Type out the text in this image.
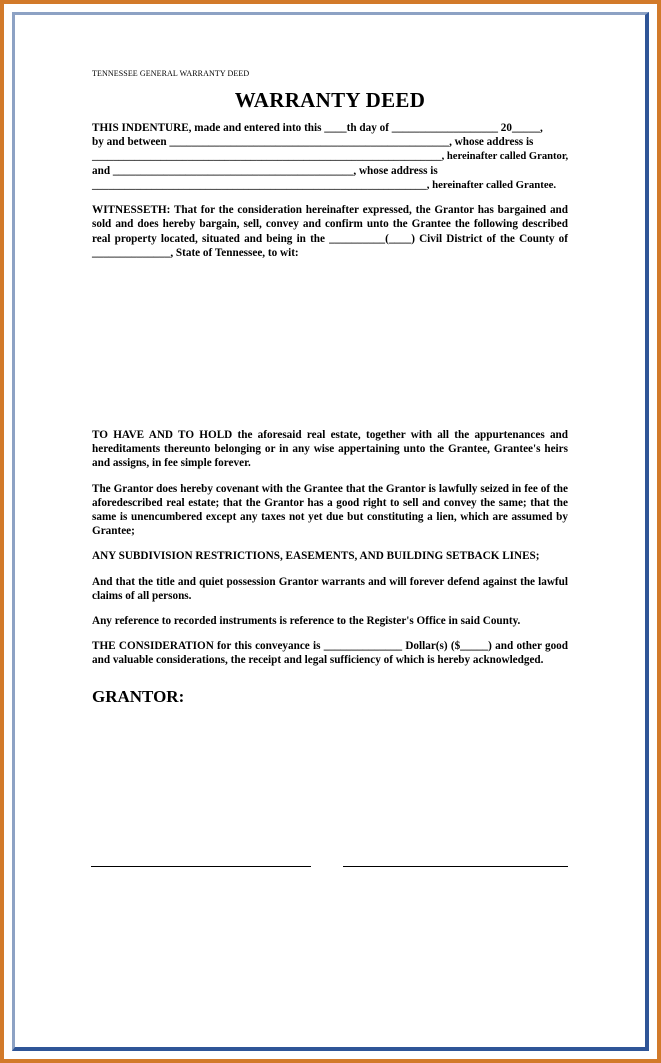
TENNESSEE GENERAL WARRANTY DEED
WARRANTY DEED
THIS INDENTURE, made and entered into this ____th day of ___________________ 20_____,
by and between __________________________________________________, whose address is
__________________________________________________________________, hereinafter called Grantor,
and ___________________________________________, whose address is
______________________________________________________________, hereinafter called Grantee.

WITNESSETH: That for the consideration hereinafter expressed, the Grantor has bargained and sold and does hereby bargain, sell, convey and confirm unto the Grantee the following described real property located, situated and being in the __________(____) Civil District of the County of ______________, State of Tennessee, to wit:

TO HAVE AND TO HOLD the aforesaid real estate, together with all the appurtenances and hereditaments thereunto belonging or in any wise appertaining unto the Grantee, Grantee's heirs and assigns, in fee simple forever.

The Grantor does hereby covenant with the Grantee that the Grantor is lawfully seized in fee of the aforedescribed real estate; that the Grantor has a good right to sell and convey the same; that the same is unencumbered except any taxes not yet due but constituting a lien, which are assumed by Grantee;

ANY SUBDIVISION RESTRICTIONS, EASEMENTS, AND BUILDING SETBACK LINES;

And that the title and quiet possession Grantor warrants and will forever defend against the lawful claims of all persons.

Any reference to recorded instruments is reference to the Register's Office in said County.

THE CONSIDERATION for this conveyance is ______________ Dollar(s) ($_____) and other good and valuable considerations, the receipt and legal sufficiency of which is hereby acknowledged.

GRANTOR:
